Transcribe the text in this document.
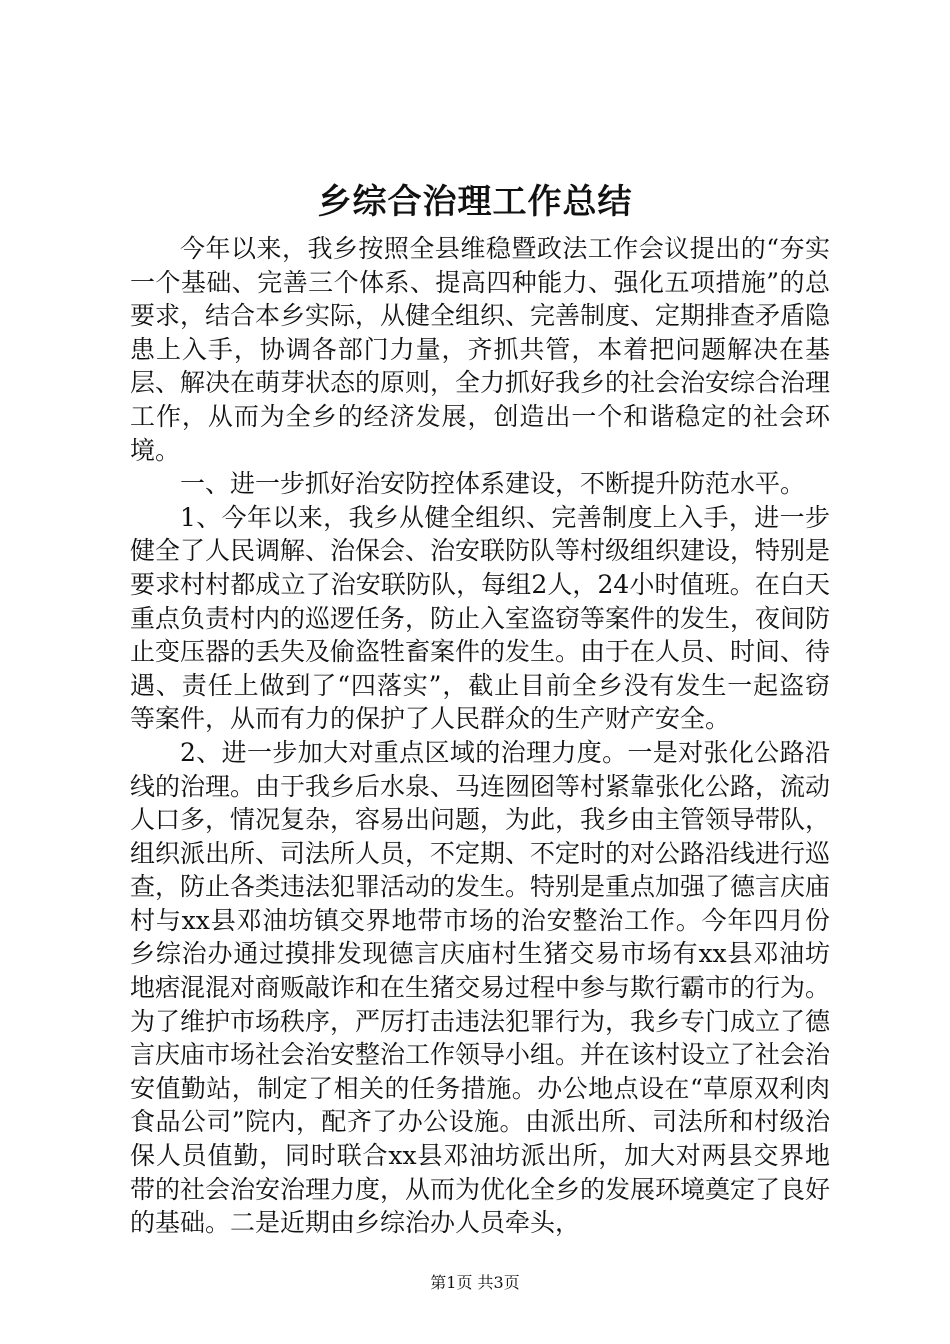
乡综合治理工作总结

今年以来，我乡按照全县维稳暨政法工作会议提出的“夯实一个基础、完善三个体系、提高四种能力、强化五项措施”的总要求，结合本乡实际，从健全组织、完善制度、定期排查矛盾隐患上入手，协调各部门力量，齐抓共管，本着把问题解决在基层、解决在萌芽状态的原则，全力抓好我乡的社会治安综合治理工作，从而为全乡的经济发展，创造出一个和谐稳定的社会环境。

一、进一步抓好治安防控体系建设，不断提升防范水平。

1、今年以来，我乡从健全组织、完善制度上入手，进一步健全了人民调解、治保会、治安联防队等村级组织建设，特别是要求村村都成立了治安联防队，每组2人，24小时值班。在白天重点负责村内的巡逻任务，防止入室盗窃等案件的发生，夜间防止变压器的丢失及偷盗牲畜案件的发生。由于在人员、时间、待遇、责任上做到了“四落实”，截止目前全乡没有发生一起盗窃等案件，从而有力的保护了人民群众的生产财产安全。

2、进一步加大对重点区域的治理力度。一是对张化公路沿线的治理。由于我乡后水泉、马连囫囵等村紧靠张化公路，流动人口多，情况复杂，容易出问题，为此，我乡由主管领导带队，组织派出所、司法所人员，不定期、不定时的对公路沿线进行巡查，防止各类违法犯罪活动的发生。特别是重点加强了德言庆庙村与xx县邓油坊镇交界地带市场的治安整治工作。今年四月份乡综治办通过摸排发现德言庆庙村生猪交易市场有xx县邓油坊地痞混混对商贩敲诈和在生猪交易过程中参与欺行霸市的行为。为了维护市场秩序，严厉打击违法犯罪行为，我乡专门成立了德言庆庙市场社会治安整治工作领导小组。并在该村设立了社会治安值勤站，制定了相关的任务措施。办公地点设在“草原双利肉食品公司”院内，配齐了办公设施。由派出所、司法所和村级治保人员值勤，同时联合xx县邓油坊派出所，加大对两县交界地带的社会治安治理力度，从而为优化全乡的发展环境奠定了良好的基础。二是近期由乡综治办人员牵头，

第1页 共3页
